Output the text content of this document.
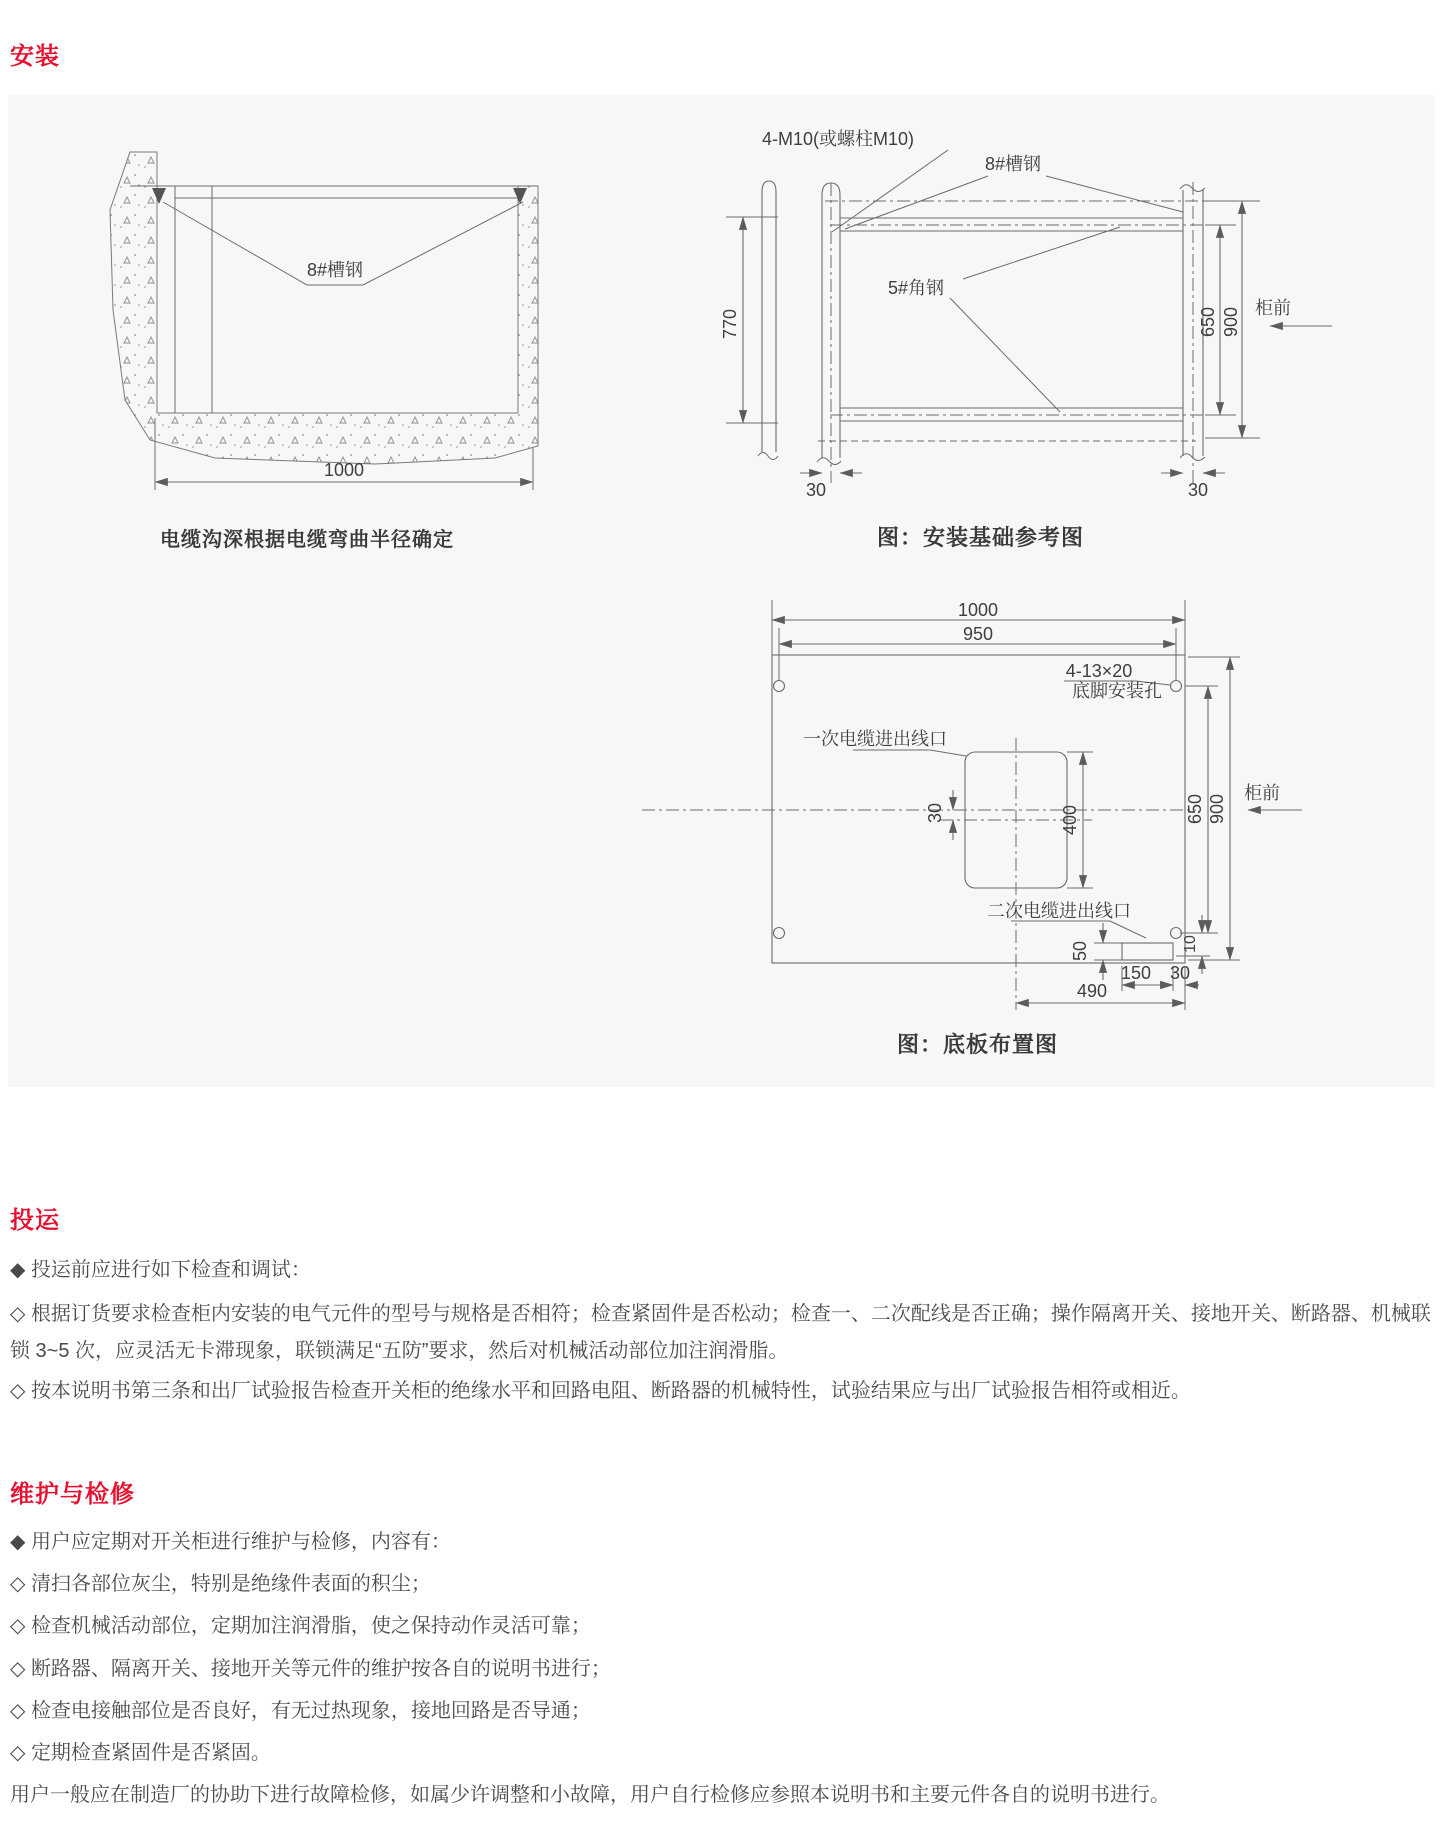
安装
8#槽钢
1000
电缆沟深根据电缆弯曲半径确定
4-M10(或螺柱M10)
8#槽钢
5#角钢
770	650 900 柜前
30	30
图：安装基础参考图
1000
950
4-13×20
底脚安装孔
一次电缆进出线口
30	400
二次电缆进出线口
50	10
650 900
柜前
150 30
490
图：底板布置图
投运
◆ 投运前应进行如下检查和调试：
◇ 根据订货要求检查柜内安装的电气元件的型号与规格是否相符；检查紧固件是否松动；检查一、二次配线是否正确；操作隔离开关、接地开关、断路器、机械联锁 3~5 次，应灵活无卡滞现象，联锁满足“五防”要求，然后对机械活动部位加注润滑脂。
◇ 按本说明书第三条和出厂试验报告检查开关柜的绝缘水平和回路电阻、断路器的机械特性，试验结果应与出厂试验报告相符或相近。
维护与检修
◆ 用户应定期对开关柜进行维护与检修，内容有：
◇ 清扫各部位灰尘，特别是绝缘件表面的积尘；
◇ 检查机械活动部位，定期加注润滑脂，使之保持动作灵活可靠；
◇ 断路器、隔离开关、接地开关等元件的维护按各自的说明书进行；
◇ 检查电接触部位是否良好，有无过热现象，接地回路是否导通；
◇ 定期检查紧固件是否紧固。
用户一般应在制造厂的协助下进行故障检修，如属少许调整和小故障，用户自行检修应参照本说明书和主要元件各自的说明书进行。
